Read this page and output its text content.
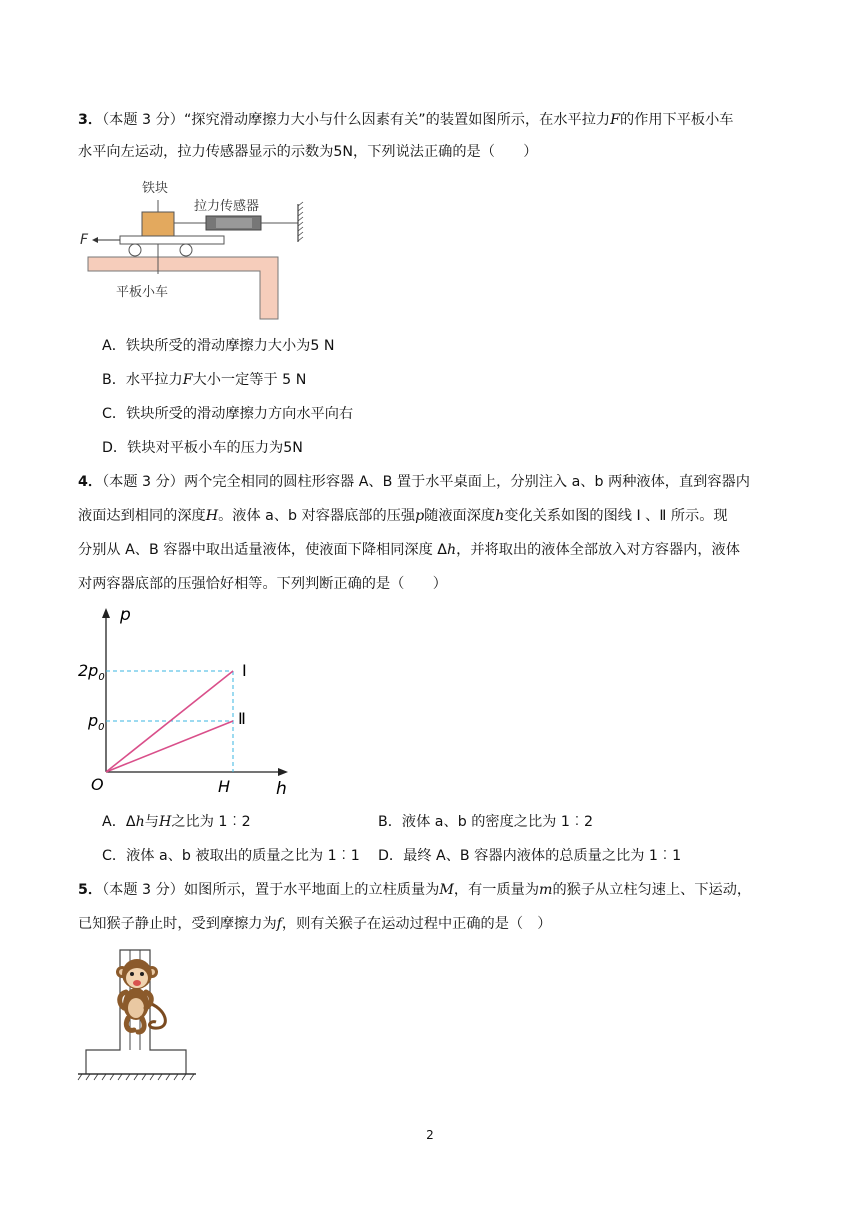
3．（本题 3 分）“探究滑动摩擦力大小与什么因素有关”的装置如图所示，在水平拉力F的作用下平板小车
水平向左运动，拉力传感器显示的示数为5N，下列说法正确的是（　　）
铁块
拉力传感器
F
平板小车
A．铁块所受的滑动摩擦力大小为5 N
B．水平拉力F大小一定等于 5 N
C．铁块所受的滑动摩擦力方向水平向右
D．铁块对平板小车的压力为5N
4．（本题 3 分）两个完全相同的圆柱形容器 A、B 置于水平桌面上，分别注入 a、b 两种液体，直到容器内
液面达到相同的深度H。液体 a、b 对容器底部的压强p随液面深度h变化关系如图的图线 Ⅰ 、Ⅱ 所示。现
分别从 A、B 容器中取出适量液体，使液面下降相同深度 Δh，并将取出的液体全部放入对方容器内，液体
对两容器底部的压强恰好相等。下列判断正确的是（　　）
p
h
O	H
$2p_0$
$p_0$
Ⅰ
Ⅱ
A．Δh与H之比为 1︰2	B．液体 a、b 的密度之比为 1︰2
C．液体 a、b 被取出的质量之比为 1︰1 D．最终 A、B 容器内液体的总质量之比为 1︰1
5．（本题 3 分）如图所示，置于水平地面上的立柱质量为M，有一质量为m的猴子从立柱匀速上、下运动，
已知猴子静止时，受到摩擦力为f，则有关猴子在运动过程中正确的是（　）
2
